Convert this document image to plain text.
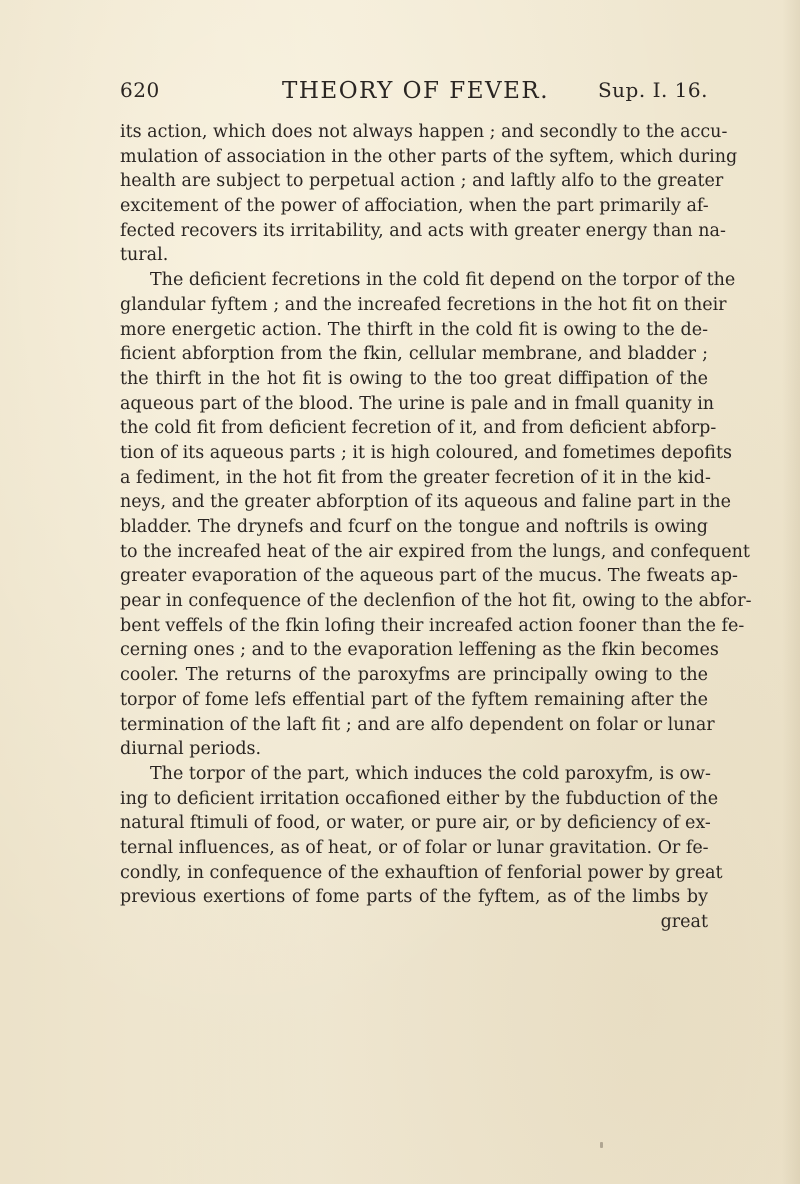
620	THEORY OF FEVER. Sup. I. 16.
its action, which does not always happen ; and secondly to the accu-
mulation of association in the other parts of the syftem, which during
health are subject to perpetual action ; and laftly alfo to the greater
excitement of the power of affociation, when the part primarily af-
fected recovers its irritability, and acts with greater energy than na-
tural.
The deficient fecretions in the cold fit depend on the torpor of the
glandular fyftem ; and the increafed fecretions in the hot fit on their
more energetic action. The thirft in the cold fit is owing to the de-
ficient abforption from the fkin, cellular membrane, and bladder ;
the thirft in the hot fit is owing to the too great diffipation of the
aqueous part of the blood. The urine is pale and in fmall quanity in
the cold fit from deficient fecretion of it, and from deficient abforp-
tion of its aqueous parts ; it is high coloured, and fometimes depofits
a fediment, in the hot fit from the greater fecretion of it in the kid-
neys, and the greater abforption of its aqueous and faline part in the
bladder. The drynefs and fcurf on the tongue and noftrils is owing
to the increafed heat of the air expired from the lungs, and confequent
greater evaporation of the aqueous part of the mucus. The fweats ap-
pear in confequence of the declenfion of the hot fit, owing to the abfor-
bent veffels of the fkin lofing their increafed action fooner than the fe-
cerning ones ; and to the evaporation leffening as the fkin becomes
cooler. The returns of the paroxyfms are principally owing to the
torpor of fome lefs effential part of the fyftem remaining after the
termination of the laft fit ; and are alfo dependent on folar or lunar
diurnal periods.
The torpor of the part, which induces the cold paroxyfm, is ow-
ing to deficient irritation occafioned either by the fubduction of the
natural ftimuli of food, or water, or pure air, or by deficiency of ex-
ternal influences, as of heat, or of folar or lunar gravitation. Or fe-
condly, in confequence of the exhauftion of fenforial power by great
previous exertions of fome parts of the fyftem, as of the limbs by
great
